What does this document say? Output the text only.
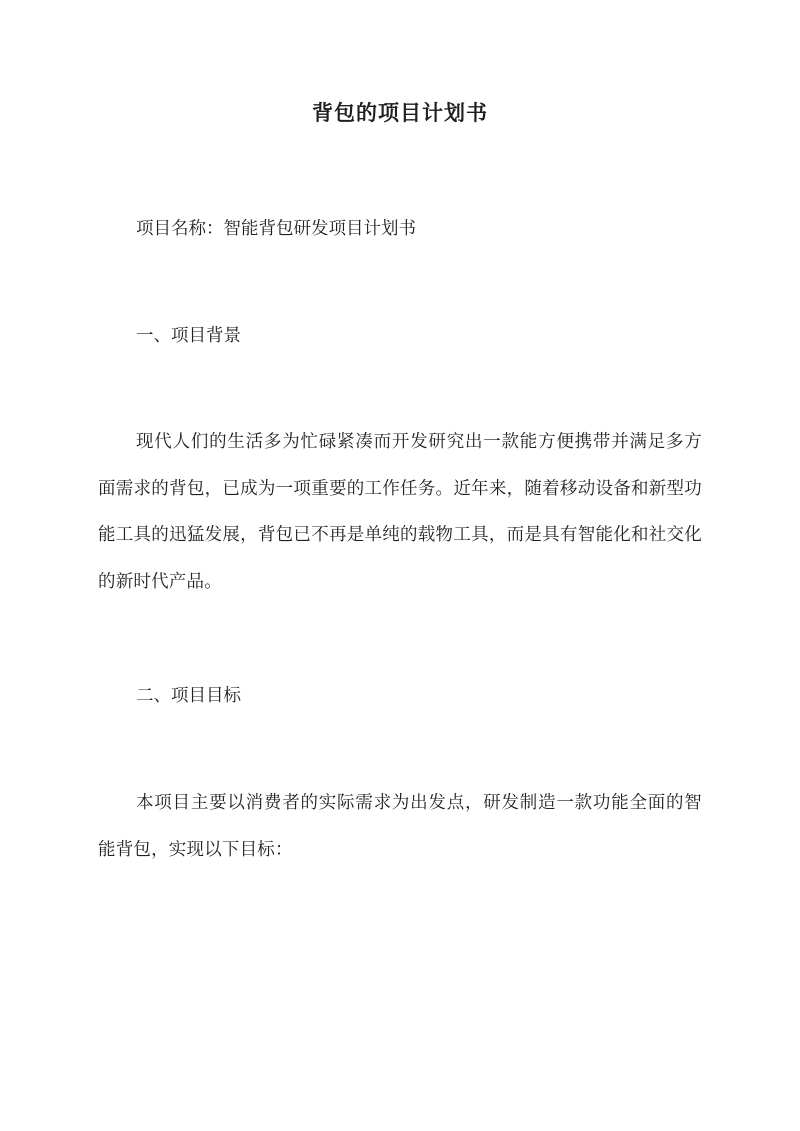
背包的项目计划书
项目名称：智能背包研发项目计划书
一、项目背景
现代人们的生活多为忙碌紧凑而开发研究出一款能方便携带并满足多方面需求的背包，已成为一项重要的工作任务。近年来，随着移动设备和新型功能工具的迅猛发展，背包已不再是单纯的载物工具，而是具有智能化和社交化的新时代产品。
二、项目目标
本项目主要以消费者的实际需求为出发点，研发制造一款功能全面的智能背包，实现以下目标：
